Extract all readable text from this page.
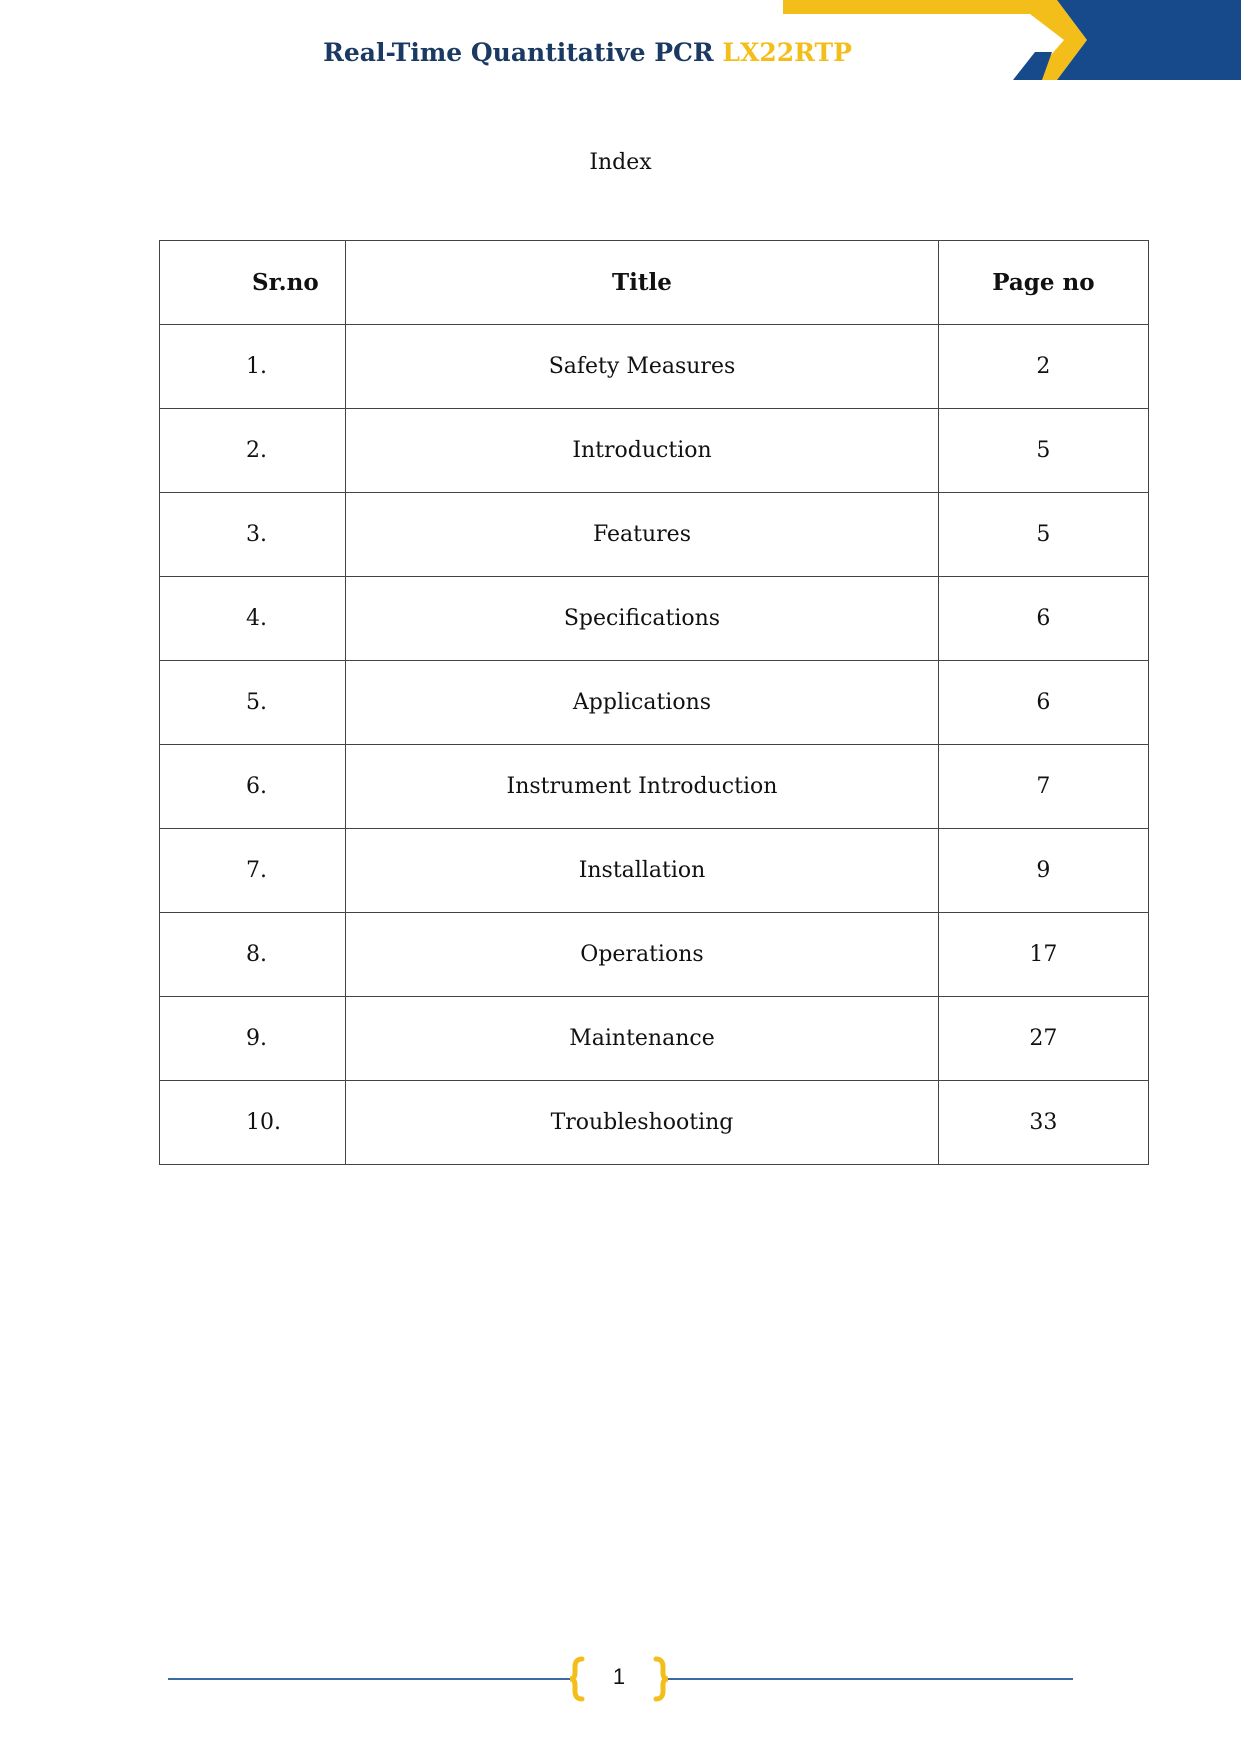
Real-Time Quantitative PCR LX22RTP
Index
Sr.no	Title	Page no
1.	Safety Measures	2
2.	Introduction	5
3.	Features	5
4.	Specifications	6
5.	Applications	6
6.	Instrument Introduction	7
7.	Installation	9
8.	Operations	17
9.	Maintenance	27
10.	Troubleshooting	33
1
